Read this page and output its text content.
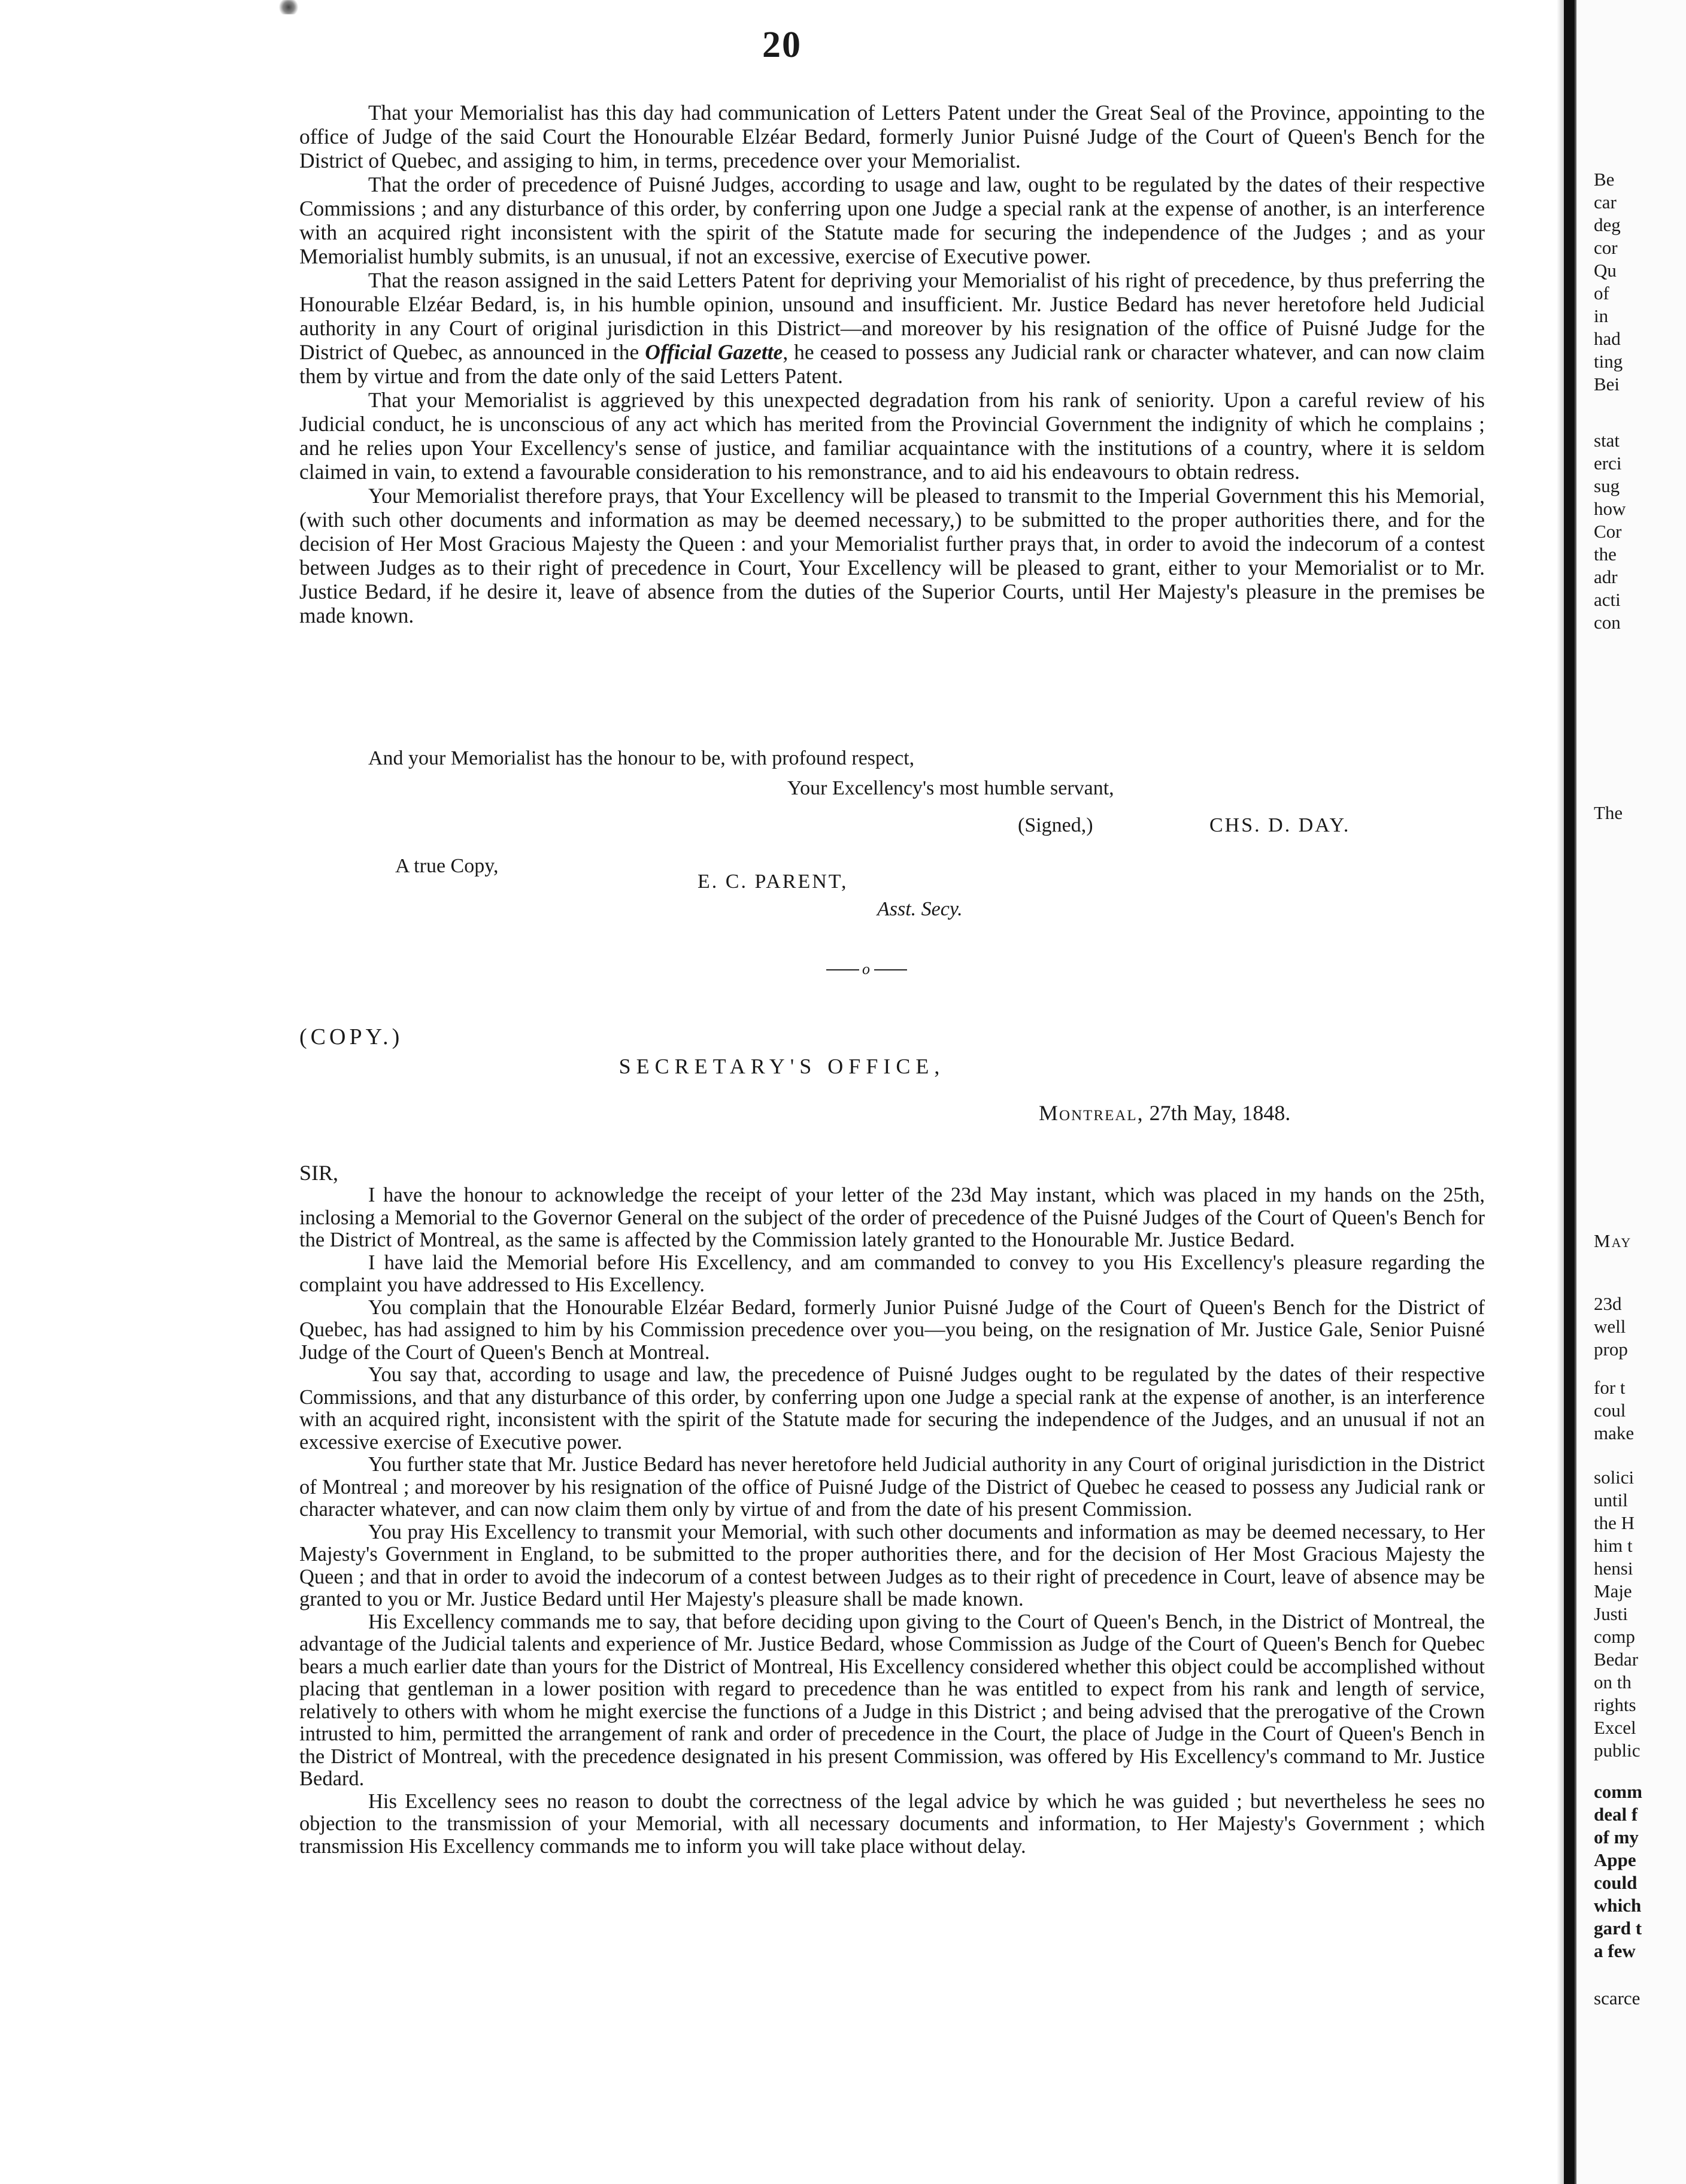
20

That your Memorialist has this day had communication of Letters Patent under the Great Seal of the Province, appointing to the office of Judge of the said Court the Honourable Elzéar Bedard, formerly Junior Puisné Judge of the Court of Queen's Bench for the District of Quebec, and assiging to him, in terms, precedence over your Memorialist.

That the order of precedence of Puisné Judges, according to usage and law, ought to be regulated by the dates of their respective Commissions ; and any disturbance of this order, by conferring upon one Judge a special rank at the expense of another, is an interference with an acquired right inconsistent with the spirit of the Statute made for securing the independence of the Judges ; and as your Memorialist humbly submits, is an unusual, if not an excessive, exercise of Executive power.

That the reason assigned in the said Letters Patent for depriving your Memorialist of his right of precedence, by thus preferring the Honourable Elzéar Bedard, is, in his humble opinion, unsound and insufficient. Mr. Justice Bedard has never heretofore held Judicial authority in any Court of original jurisdiction in this District—and moreover by his resignation of the office of Puisné Judge for the District of Quebec, as announced in the Official Gazette, he ceased to possess any Judicial rank or character whatever, and can now claim them by virtue and from the date only of the said Letters Patent.

That your Memorialist is aggrieved by this unexpected degradation from his rank of seniority. Upon a careful review of his Judicial conduct, he is unconscious of any act which has merited from the Provincial Government the indignity of which he complains ; and he relies upon Your Excellency's sense of justice, and familiar acquaintance with the institutions of a country, where it is seldom claimed in vain, to extend a favourable consideration to his remonstrance, and to aid his endeavours to obtain redress.

Your Memorialist therefore prays, that Your Excellency will be pleased to transmit to the Imperial Government this his Memorial, (with such other documents and information as may be deemed necessary,) to be submitted to the proper authorities there, and for the decision of Her Most Gracious Majesty the Queen : and your Memorialist further prays that, in order to avoid the indecorum of a contest between Judges as to their right of precedence in Court, Your Excellency will be pleased to grant, either to your Memorialist or to Mr. Justice Bedard, if he desire it, leave of absence from the duties of the Superior Courts, until Her Majesty's pleasure in the premises be made known.

And your Memorialist has the honour to be, with profound respect,
Your Excellency's most humble servant,
(Signed,)	CHS. D. DAY.
A true Copy,
E. C. PARENT,
Asst. Secy.
o
(COPY.)
SECRETARY'S OFFICE,
Montreal, 27th May, 1848.
SIR,

I have the honour to acknowledge the receipt of your letter of the 23d May instant, which was placed in my hands on the 25th, inclosing a Memorial to the Governor General on the subject of the order of precedence of the Puisné Judges of the Court of Queen's Bench for the District of Montreal, as the same is affected by the Commission lately granted to the Honourable Mr. Justice Bedard.

I have laid the Memorial before His Excellency, and am commanded to convey to you His Excellency's pleasure regarding the complaint you have addressed to His Excellency.

You complain that the Honourable Elzéar Bedard, formerly Junior Puisné Judge of the Court of Queen's Bench for the District of Quebec, has had assigned to him by his Commission precedence over you—you being, on the resignation of Mr. Justice Gale, Senior Puisné Judge of the Court of Queen's Bench at Montreal.

You say that, according to usage and law, the precedence of Puisné Judges ought to be regulated by the dates of their respective Commissions, and that any disturbance of this order, by conferring upon one Judge a special rank at the expense of another, is an interference with an acquired right, inconsistent with the spirit of the Statute made for securing the independence of the Judges, and an unusual if not an excessive exercise of Executive power.

You further state that Mr. Justice Bedard has never heretofore held Judicial authority in any Court of original jurisdiction in the District of Montreal ; and moreover by his resignation of the office of Puisné Judge of the District of Quebec he ceased to possess any Judicial rank or character whatever, and can now claim them only by virtue of and from the date of his present Commission.

You pray His Excellency to transmit your Memorial, with such other documents and information as may be deemed necessary, to Her Majesty's Government in England, to be submitted to the proper authorities there, and for the decision of Her Most Gracious Majesty the Queen ; and that in order to avoid the indecorum of a contest between Judges as to their right of precedence in Court, leave of absence may be granted to you or Mr. Justice Bedard until Her Majesty's pleasure shall be made known.

His Excellency commands me to say, that before deciding upon giving to the Court of Queen's Bench, in the District of Montreal, the advantage of the Judicial talents and experience of Mr. Justice Bedard, whose Commission as Judge of the Court of Queen's Bench for Quebec bears a much earlier date than yours for the District of Montreal, His Excellency considered whether this object could be accomplished without placing that gentleman in a lower position with regard to precedence than he was entitled to expect from his rank and length of service, relatively to others with whom he might exercise the functions of a Judge in this District ; and being advised that the prerogative of the Crown intrusted to him, permitted the arrangement of rank and order of precedence in the Court, the place of Judge in the Court of Queen's Bench in the District of Montreal, with the precedence designated in his present Commission, was offered by His Excellency's command to Mr. Justice Bedard.

His Excellency sees no reason to doubt the correctness of the legal advice by which he was guided ; but nevertheless he sees no objection to the transmission of your Memorial, with all necessary documents and information, to Her Majesty's Government ; which transmission His Excellency commands me to inform you will take place without delay.

Be
car
deg
cor
Qu
of
in
had
ting
Bei
stat
erci
sug
how
Cor
the
adr
acti
con
The
May
23d
well
prop
for t
coul
make
solici
until
the H
him t
hensi
Maje
Justi
comp
Bedar
on th
rights
Excel
public
comm
deal f
of my
Appe
could
which
gard t
a few
scarce
